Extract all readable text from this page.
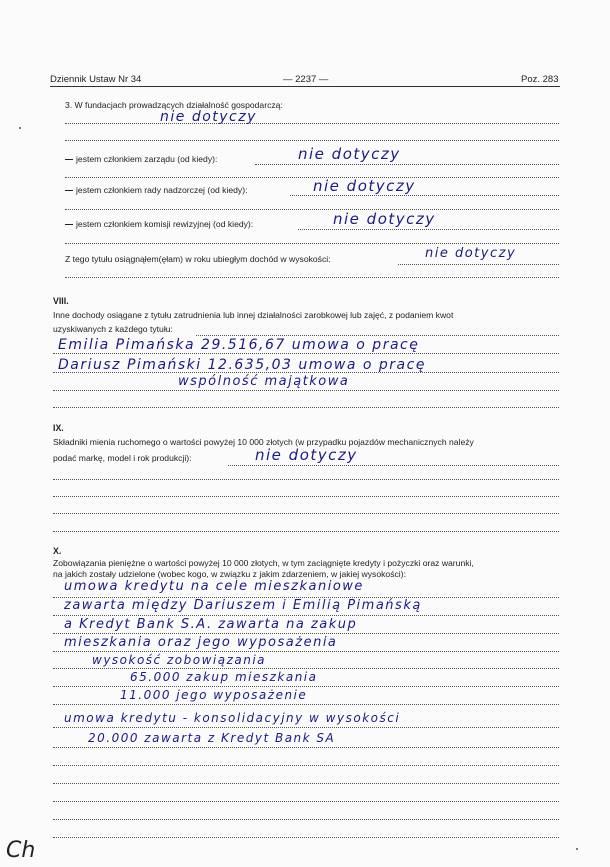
Dziennik Ustaw Nr 34	— 2237 —	Poz. 283
3. W fundacjach prowadzących działalność gospodarczą:
nie dotyczy
jestem członkiem zarządu (od kiedy):	nie dotyczy
jestem członkiem rady nadzorczej (od kiedy):	nie dotyczy
jestem członkiem komisji rewizyjnej (od kiedy):	nie dotyczy
Z tego tytułu osiągnąłem(ęłam) w roku ubiegłym dochód w wysokości:	nie dotyczy
VIII.
Inne dochody osiągane z tytułu zatrudnienia lub innej działalności zarobkowej lub zajęć, z podaniem kwot
uzyskiwanych z każdego tytułu:
Emilia Pimańska 29.516,67 umowa o pracę
Dariusz Pimański 12.635,03 umowa o pracę
wspólność majątkowa
IX.
Składniki mienia ruchomego o wartości powyżej 10 000 złotych (w przypadku pojazdów mechanicznych należy
podać markę, model i rok produkcji):	nie dotyczy
X.
Zobowiązania pieniężne o wartości powyżej 10 000 złotych, w tym zaciągnięte kredyty i pożyczki oraz warunki,
na jakich zostały udzielone (wobec kogo, w związku z jakim zdarzeniem, w jakiej wysokości):
umowa kredytu na cele mieszkaniowe
zawarta między Dariuszem i Emilią Pimańską
a Kredyt Bank S.A. zawarta na zakup
mieszkania oraz jego wyposażenia
wysokość zobowiązania
65.000 zakup mieszkania
11.000 jego wyposażenie
umowa kredytu - konsolidacyjny w wysokości
20.000 zawarta z Kredyt Bank SA
Ch
